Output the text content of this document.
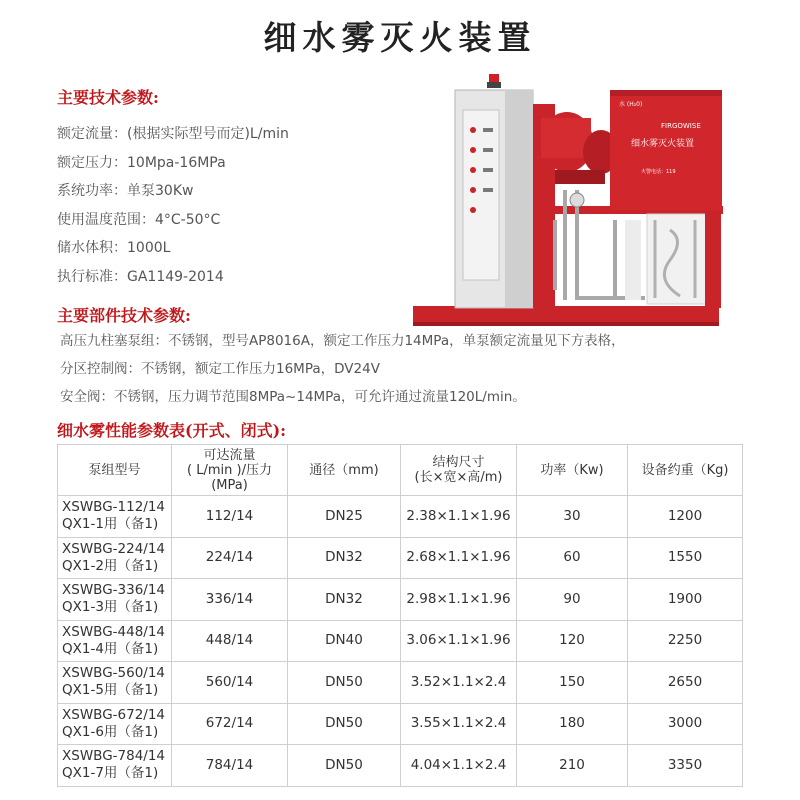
细水雾灭火装置
主要技术参数:
额定流量：(根据实际型号而定)L/min
额定压力：10Mpa-16MPa
系统功率：单泵30Kw
使用温度范围：4°C-50°C
储水体积：1000L
执行标准：GA1149-2014
水 (H₂0)
FIRGOWISE
细水雾灭火装置
火警电话：119
主要部件技术参数:
高压九柱塞泵组：不锈钢，型号AP8016A，额定工作压力14MPa，单泵额定流量见下方表格，
分区控制阀：不锈钢，额定工作压力16MPa，DV24V
安全阀：不锈钢，压力调节范围8MPa~14MPa，可允许通过流量120L/min。
细水雾性能参数表(开式、闭式):
泵组型号	可达流量
( L/min )/压力
(MPa)	通径（mm)	结构尺寸
(长×宽×高/m)	功率（Kw)	设备约重（Kg)
XSWBG-112/14
QX1-1用（备1)	112/14	DN25	2.38×1.1×1.96	30	1200
XSWBG-224/14
QX1-2用（备1)	224/14	DN32	2.68×1.1×1.96	60	1550
XSWBG-336/14
QX1-3用（备1)	336/14	DN32	2.98×1.1×1.96	90	1900
XSWBG-448/14
QX1-4用（备1)	448/14	DN40	3.06×1.1×1.96	120	2250
XSWBG-560/14
QX1-5用（备1)	560/14	DN50	3.52×1.1×2.4	150	2650
XSWBG-672/14
QX1-6用（备1)	672/14	DN50	3.55×1.1×2.4	180	3000
XSWBG-784/14
QX1-7用（备1)	784/14	DN50	4.04×1.1×2.4	210	3350
